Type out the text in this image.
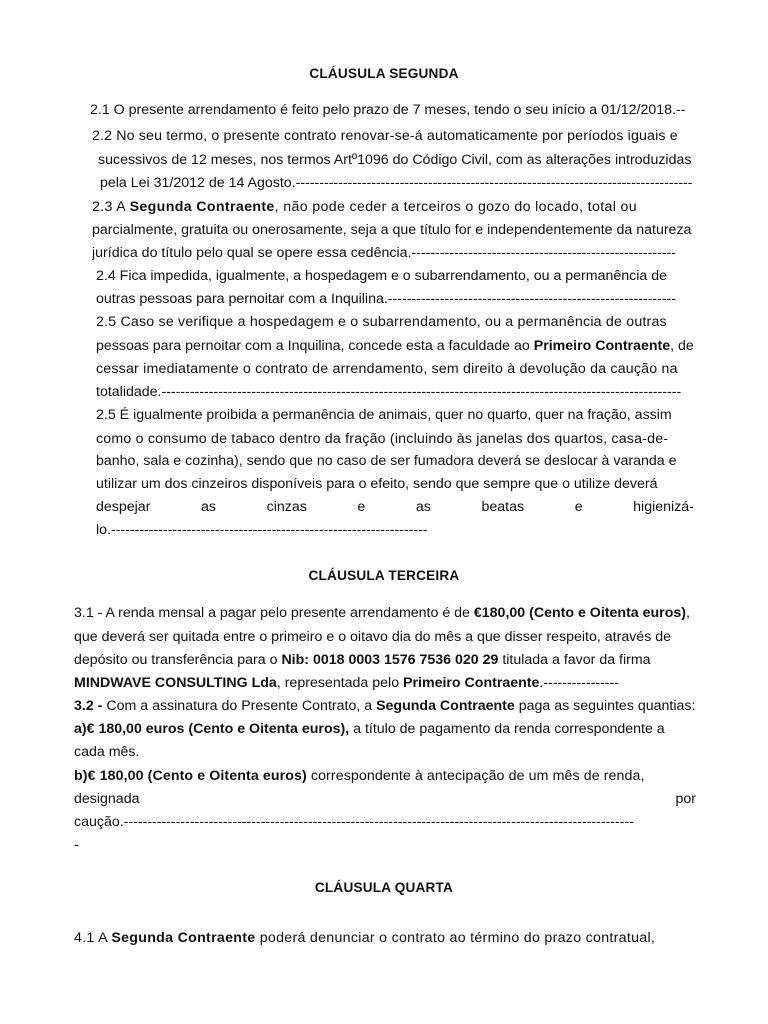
CLÁUSULA SEGUNDA
2.1 O presente arrendamento é feito pelo prazo de 7 meses, tendo o seu início a 01/12/2018.--
2.2 No seu termo, o presente contrato renovar-se-á automaticamente por períodos iguais e
sucessivos de 12 meses, nos termos Artº1096 do Código Civil, com as alterações introduzidas
pela Lei 31/2012 de 14 Agosto.------------------------------------------------------------------------------------
2.3 A Segunda Contraente, não pode ceder a terceiros o gozo do locado, total ou
parcialmente, gratuita ou onerosamente, seja a que título for e independentemente da natureza
jurídica do título pelo qual se opere essa cedência.--------------------------------------------------------
2.4 Fica impedida, igualmente, a hospedagem e o subarrendamento, ou a permanência de
outras pessoas para pernoitar com a Inquilina.-------------------------------------------------------------
2.5 Caso se verifique a hospedagem e o subarrendamento, ou a permanência de outras
pessoas para pernoitar com a Inquilina, concede esta a faculdade ao Primeiro Contraente, de
cessar imediatamente o contrato de arrendamento, sem direito à devolução da caução na
totalidade.--------------------------------------------------------------------------------------------------------------
2.5 É igualmente proibida a permanência de animais, quer no quarto, quer na fração, assim
como o consumo de tabaco dentro da fração (incluindo às janelas dos quartos, casa-de-
banho, sala e cozinha), sendo que no caso de ser fumadora deverá se deslocar à varanda e
utilizar um dos cinzeiros disponíveis para o efeito, sendo que sempre que o utilize deverá
despejar	as	cinzas	e	as	beatas	e	higienizá-
lo.-------------------------------------------------------------------
CLÁUSULA TERCEIRA
3.1 - A renda mensal a pagar pelo presente arrendamento é de €180,00 (Cento e Oitenta euros),
que deverá ser quitada entre o primeiro e o oitavo dia do mês a que disser respeito, através de
depósito ou transferência para o Nib: 0018 0003 1576 7536 020 29 titulada a favor da firma
MINDWAVE CONSULTING Lda, representada pelo Primeiro Contraente.----------------
3.2 - Com a assinatura do Presente Contrato, a Segunda Contraente paga as seguintes quantias:
a)€ 180,00 euros (Cento e Oitenta euros), a título de pagamento da renda correspondente a
cada mês.
b)€ 180,00 (Cento e Oitenta euros) correspondente à antecipação de um mês de renda,
designada	por
caução.------------------------------------------------------------------------------------------------------------
-
CLÁUSULA QUARTA
4.1 A Segunda Contraente poderá denunciar o contrato ao término do prazo contratual,
